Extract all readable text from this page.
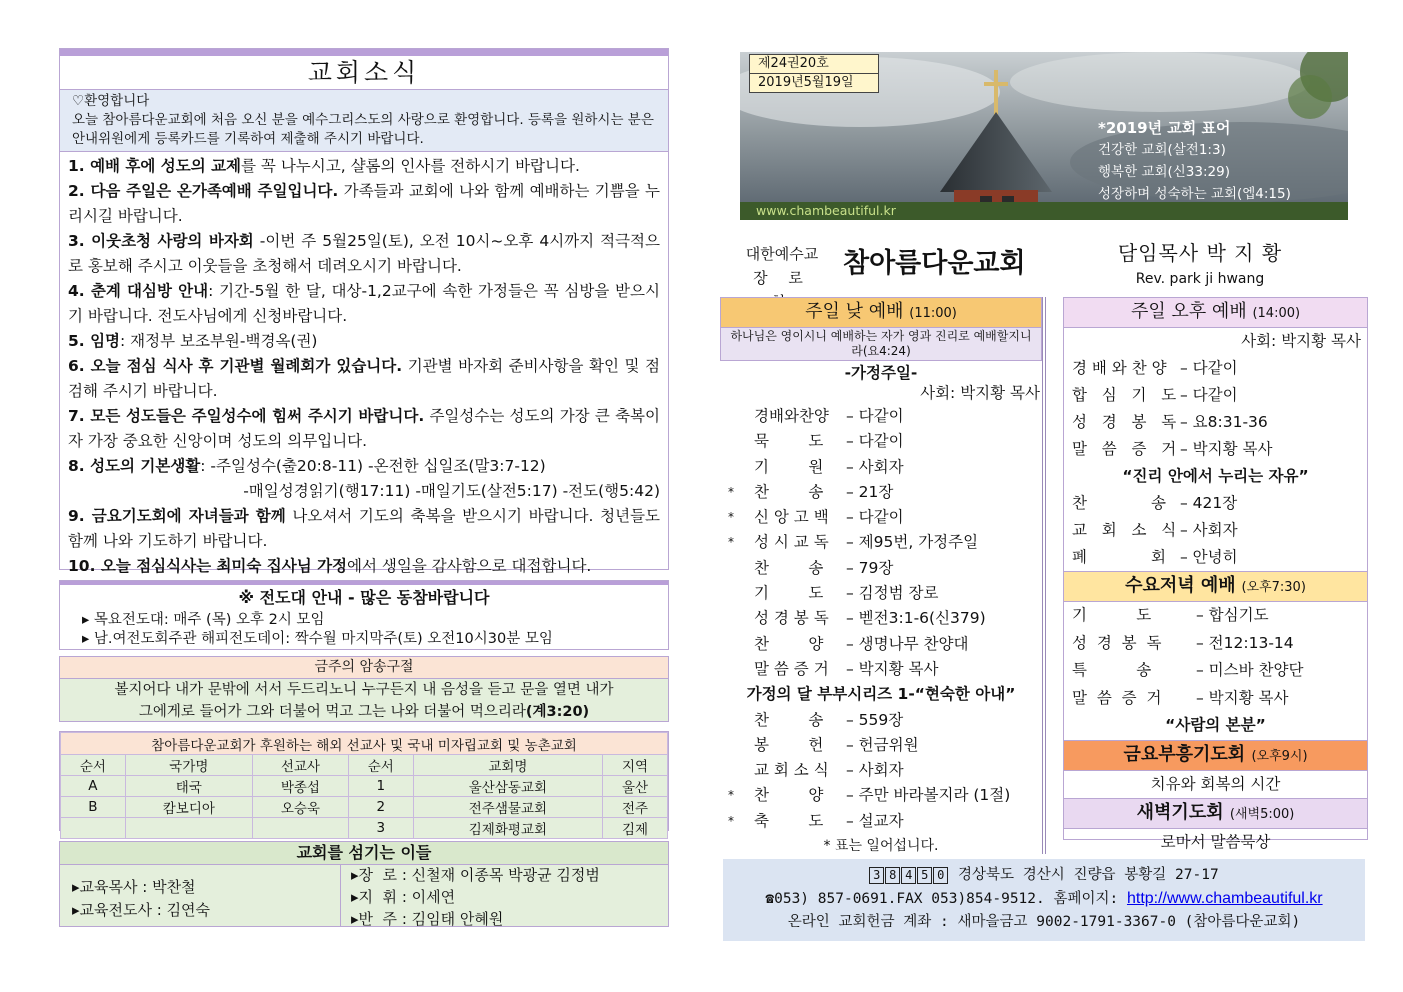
교회소식
♡환영합니다
오늘 참아름다운교회에 처음 오신 분을 예수그리스도의 사랑으로 환영합니다. 등록을 원하시는 분은 안내위원에게 등록카드를 기록하여 제출해 주시기 바랍니다.
1. 예배 후에 성도의 교제를 꼭 나누시고, 샬롬의 인사를 전하시기 바랍니다.
2. 다음 주일은 온가족예배 주일입니다. 가족들과 교회에 나와 함께 예배하는 기쁨을 누리시길 바랍니다.
3. 이웃초청 사랑의 바자회 -이번 주 5월25일(토), 오전 10시~오후 4시까지 적극적으로 홍보해 주시고 이웃들을 초청해서 데려오시기 바랍니다.
4. 춘계 대심방 안내: 기간-5월 한 달, 대상-1,2교구에 속한 가정들은 꼭 심방을 받으시기 바랍니다. 전도사님에게 신청바랍니다.
5. 임명: 재정부 보조부원-백경옥(권)
6. 오늘 점심 식사 후 기관별 월례회가 있습니다. 기관별 바자회 준비사항을 확인 및 점검해 주시기 바랍니다.
7. 모든 성도들은 주일성수에 힘써 주시기 바랍니다. 주일성수는 성도의 가장 큰 축복이자 가장 중요한 신앙이며 성도의 의무입니다.
8. 성도의 기본생활: -주일성수(출20:8-11) -온전한 십일조(말3:7-12)
-매일성경읽기(행17:11) -매일기도(살전5:17) -전도(행5:42)
9. 금요기도회에 자녀들과 함께 나오셔서 기도의 축복을 받으시기 바랍니다. 청년들도 함께 나와 기도하기 바랍니다.
10. 오늘 점심식사는 최미숙 집사님 가정에서 생일을 감사함으로 대접합니다.
※ 전도대 안내 - 많은 동참바랍니다
▸ 목요전도대: 매주 (목) 오후 2시 모임
▸ 남.여전도회주관 해피전도데이: 짝수월 마지막주(토) 오전10시30분 모임
금주의 암송구절
볼지어다 내가 문밖에 서서 두드리노니 누구든지 내 음성을 듣고 문을 열면 내가
그에게로 들어가 그와 더불어 먹고 그는 나와 더불어 먹으리라(계3:20)
참아름다운교회가 후원하는 해외 선교사 및 국내 미자립교회 및 농촌교회					
순서	국가명	선교사	순서	교회명	지역
A	태국	박종섭	1	울산삼동교회	울산
B	캄보디아	오승욱	2	전주샘물교회	전주
			3	김제화평교회	김제
교회를 섬기는 이들
▸교육목사 : 박찬철
▸교육전도사 : 김연숙
▸장  로 : 신철재 이종목 박광균 김정범
▸지  휘 : 이세연
▸반  주 : 김임태 안혜원
제24권20호
2019년5월19일
*2019년 교회 표어
건강한 교회(살전1:3)
행복한 교회(신33:29)
성장하며 성숙하는 교회(엡4:15)
www.chambeautiful.kr
대한예수교
장 로	참아름다운교회	담임목사 박 지 황
Rev. park ji hwang
주일 낮 예배 (11:00)
하나님은 영이시니 예배하는 자가 영과 진리로 예배할지니라(요4:24)
-가정주일-
사회: 박지황 목사
경배와찬양 – 다같이
묵        도 – 다같이
기        원 – 사회자
* 찬        송 – 21장
* 신 앙 고 백 – 다같이
* 성 시 교 독 – 제95번, 가정주일
찬        송 – 79장
기        도 – 김정범 장로
성 경 봉 독 – 벧전3:1-6(신379)
찬        양 – 생명나무 찬양대
말 씀 증 거 – 박지황 목사
가정의 달 부부시리즈 1-“현숙한 아내”
찬        송 – 559장
봉        헌 – 헌금위원
교 회 소 식 – 사회자
* 찬        양 – 주만 바라볼지라 (1절)
* 축        도 – 설교자
* 표는 일어섭니다.
주일 오후 예배 (14:00)
사회: 박지황 목사
경 배 와 찬 양 – 다같이
합   심   기   도 – 다같이
성   경   봉   독 – 요8:31-36
말   씀   증   거 – 박지황 목사
“진리 안에서 누리는 자유”
찬             송 – 421장
교   회   소   식 – 사회자
폐             회 – 안녕히
수요저녁 예배 (오후7:30)
기          도	– 합심기도
성  경  봉  독 – 전12:13-14
특          송	– 미스바 찬양단
말  씀  증  거 – 박지황 목사
“사람의 본분”
금요부흥기도회 (오후9시)
치유와 회복의 시간
새벽기도회 (새벽5:00)
로마서 말씀묵상
3 8 4 5 0 경상북도 경산시 진량읍 봉황길 27-17
☎053) 857-0691.FAX 053)854-9512. 홈페이지: http://www.chambeautiful.kr
온라인 교회헌금 계좌 : 새마을금고 9002-1791-3367-0 (참아름다운교회)
